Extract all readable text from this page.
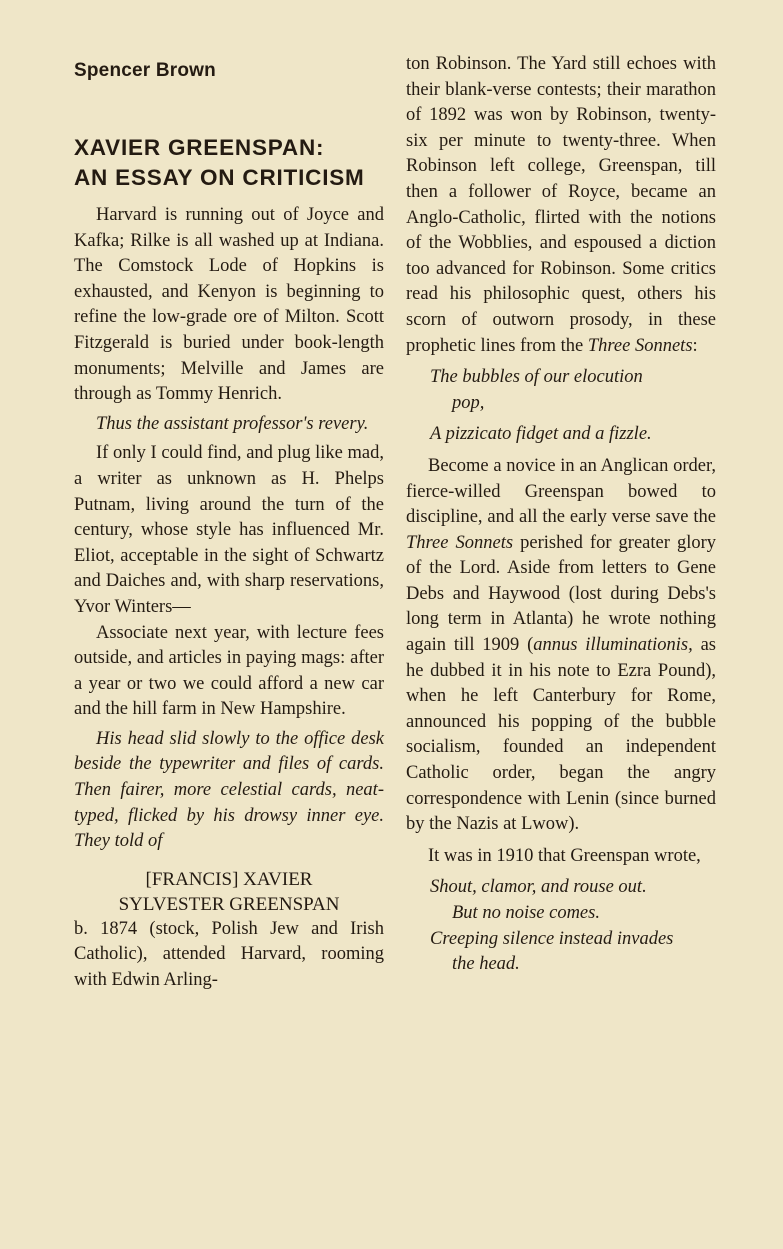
Spencer Brown
XAVIER GREENSPAN:
AN ESSAY ON CRITICISM

Harvard is running out of Joyce and Kafka; Rilke is all washed up at Indiana. The Comstock Lode of Hopkins is exhausted, and Kenyon is beginning to refine the low-grade ore of Milton. Scott Fitzgerald is buried under book-length monuments; Melville and James are through as Tommy Henrich.

Thus the assistant professor's revery.

If only I could find, and plug like mad, a writer as unknown as H. Phelps Putnam, living around the turn of the century, whose style has influenced Mr. Eliot, acceptable in the sight of Schwartz and Daiches and, with sharp reservations, Yvor Winters—

Associate next year, with lecture fees outside, and articles in paying mags: after a year or two we could afford a new car and the hill farm in New Hampshire.

His head slid slowly to the office desk beside the typewriter and files of cards. Then fairer, more celestial cards, neat-typed, flicked by his drowsy inner eye. They told of

[FRANCIS] XAVIER
SYLVESTER GREENSPAN

b. 1874 (stock, Polish Jew and Irish Catholic), attended Harvard, rooming with Edwin Arling-

ton Robinson. The Yard still echoes with their blank-verse contests; their marathon of 1892 was won by Robinson, twenty-six per minute to twenty-three. When Robinson left college, Greenspan, till then a follower of Royce, became an Anglo-Catholic, flirted with the notions of the Wobblies, and espoused a diction too advanced for Robinson. Some critics read his philosophic quest, others his scorn of outworn prosody, in these prophetic lines from the Three Sonnets:

The bubbles of our elocution
pop,
A pizzicato fidget and a fizzle.

Become a novice in an Anglican order, fierce-willed Greenspan bowed to discipline, and all the early verse save the Three Sonnets perished for greater glory of the Lord. Aside from letters to Gene Debs and Haywood (lost during Debs's long term in Atlanta) he wrote nothing again till 1909 (annus illuminationis, as he dubbed it in his note to Ezra Pound), when he left Canterbury for Rome, announced his popping of the bubble socialism, founded an independent Catholic order, began the angry correspondence with Lenin (since burned by the Nazis at Lwow).

It was in 1910 that Greenspan wrote,

Shout, clamor, and rouse out.
But no noise comes.
Creeping silence instead invades
the head.
